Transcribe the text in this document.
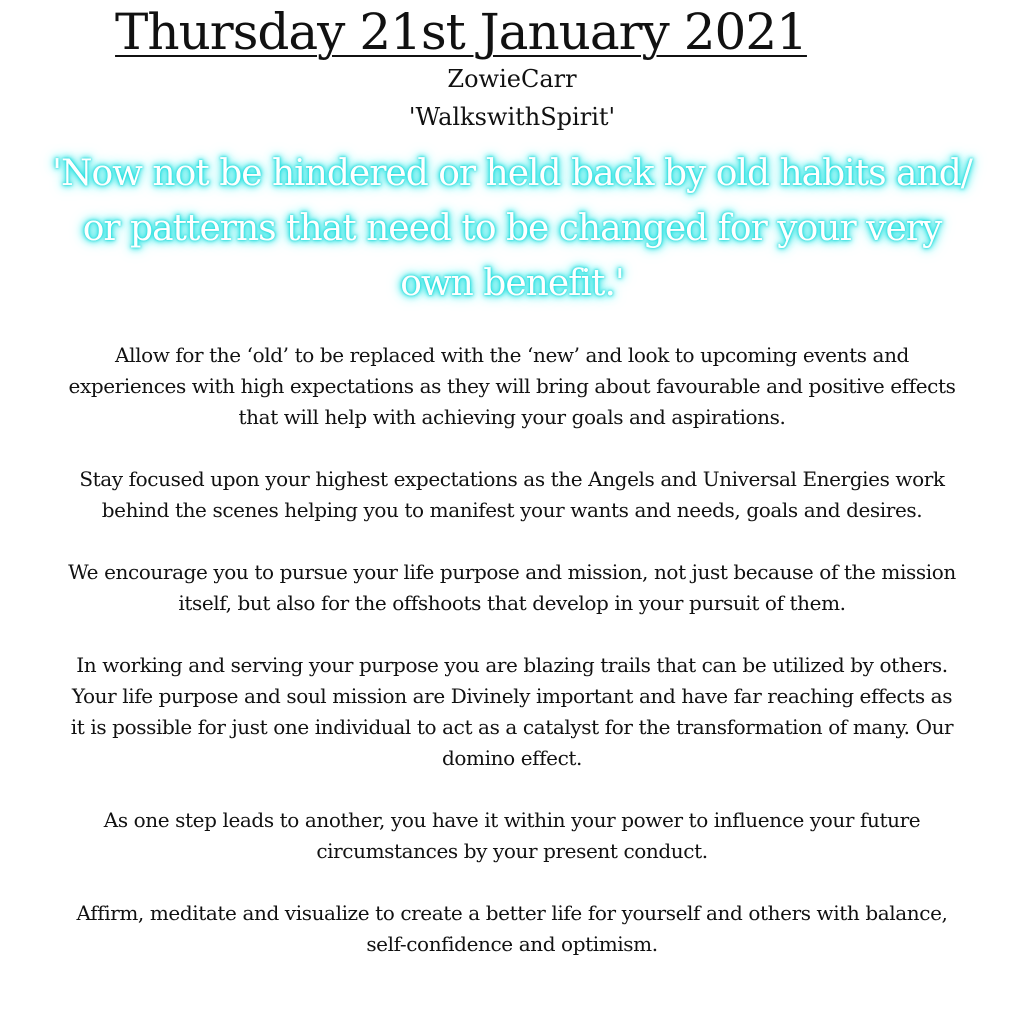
Thursday 21st January 2021
ZowieCarr
'WalkswithSpirit'
'Now not be hindered or held back by old habits and/
or patterns that need to be changed for your very
own benefit.'

Allow for the ‘old’ to be replaced with the ‘new’ and look to upcoming events and
experiences with high expectations as they will bring about favourable and positive effects
that will help with achieving your goals and aspirations.

Stay focused upon your highest expectations as the Angels and Universal Energies work
behind the scenes helping you to manifest your wants and needs, goals and desires.

We encourage you to pursue your life purpose and mission, not just because of the mission
itself, but also for the offshoots that develop in your pursuit of them.

In working and serving your purpose you are blazing trails that can be utilized by others.
Your life purpose and soul mission are Divinely important and have far reaching effects as
it is possible for just one individual to act as a catalyst for the transformation of many. Our
domino effect.

As one step leads to another, you have it within your power to influence your future
circumstances by your present conduct.

Affirm, meditate and visualize to create a better life for yourself and others with balance,
self-confidence and optimism.
